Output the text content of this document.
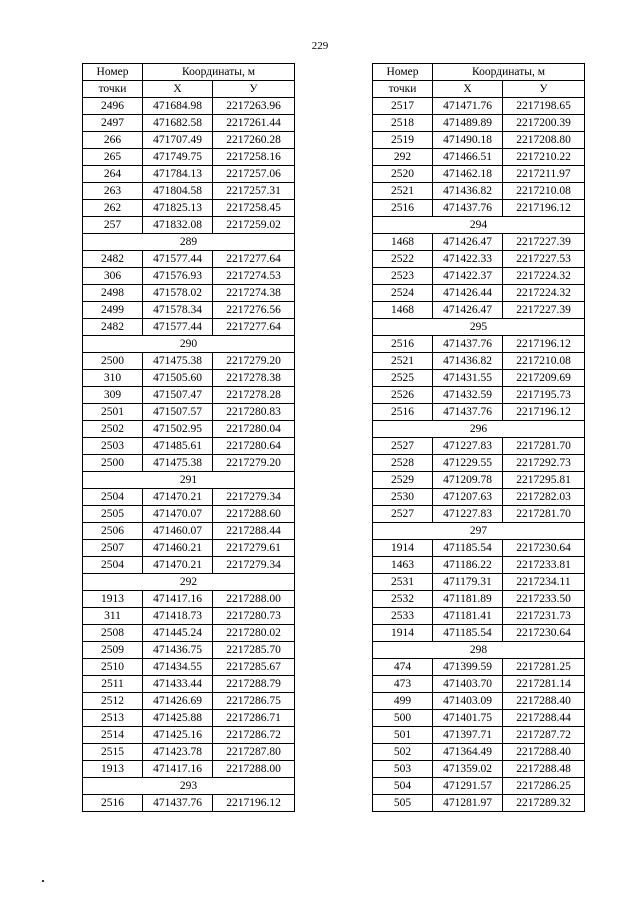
229
Номер	Координаты, м	
точки	X	У
2496	471684.98	2217263.96
2497	471682.58	2217261.44
266	471707.49	2217260.28
265	471749.75	2217258.16
264	471784.13	2217257.06
263	471804.58	2217257.31
262	471825.13	2217258.45
257	471832.08	2217259.02
289		
2482	471577.44	2217277.64
306	471576.93	2217274.53
2498	471578.02	2217274.38
2499	471578.34	2217276.56
2482	471577.44	2217277.64
290		
2500	471475.38	2217279.20
310	471505.60	2217278.38
309	471507.47	2217278.28
2501	471507.57	2217280.83
2502	471502.95	2217280.04
2503	471485.61	2217280.64
2500	471475.38	2217279.20
291		
2504	471470.21	2217279.34
2505	471470.07	2217288.60
2506	471460.07	2217288.44
2507	471460.21	2217279.61
2504	471470.21	2217279.34
292		
1913	471417.16	2217288.00
311	471418.73	2217280.73
2508	471445.24	2217280.02
2509	471436.75	2217285.70
2510	471434.55	2217285.67
2511	471433.44	2217288.79
2512	471426.69	2217286.75
2513	471425.88	2217286.71
2514	471425.16	2217286.72
2515	471423.78	2217287.80
1913	471417.16	2217288.00
293		
2516	471437.76	2217196.12
Номер	Координаты, м	
точки	X	У
2517	471471.76	2217198.65
2518	471489.89	2217200.39
2519	471490.18	2217208.80
292	471466.51	2217210.22
2520	471462.18	2217211.97
2521	471436.82	2217210.08
2516	471437.76	2217196.12
294		
1468	471426.47	2217227.39
2522	471422.33	2217227.53
2523	471422.37	2217224.32
2524	471426.44	2217224.32
1468	471426.47	2217227.39
295		
2516	471437.76	2217196.12
2521	471436.82	2217210.08
2525	471431.55	2217209.69
2526	471432.59	2217195.73
2516	471437.76	2217196.12
296		
2527	471227.83	2217281.70
2528	471229.55	2217292.73
2529	471209.78	2217295.81
2530	471207.63	2217282.03
2527	471227.83	2217281.70
297		
1914	471185.54	2217230.64
1463	471186.22	2217233.81
2531	471179.31	2217234.11
2532	471181.89	2217233.50
2533	471181.41	2217231.73
1914	471185.54	2217230.64
298		
474	471399.59	2217281.25
473	471403.70	2217281.14
499	471403.09	2217288.40
500	471401.75	2217288.44
501	471397.71	2217287.72
502	471364.49	2217288.40
503	471359.02	2217288.48
504	471291.57	2217286.25
505	471281.97	2217289.32
